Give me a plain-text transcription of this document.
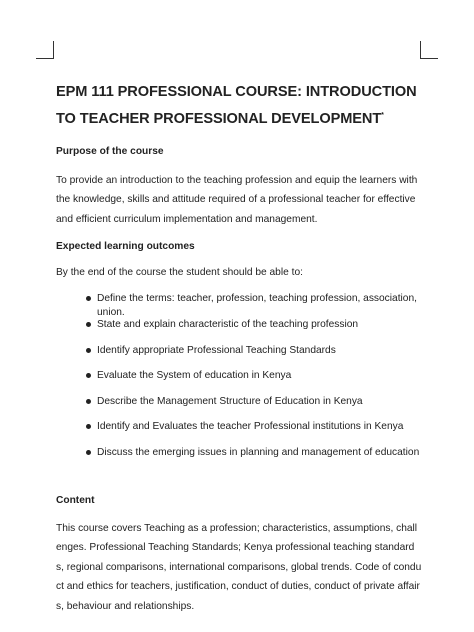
EPM 111 PROFESSIONAL COURSE: INTRODUCTION TO TEACHER PROFESSIONAL DEVELOPMENT*
Purpose of the course
To provide an introduction to the teaching profession and equip the learners with the knowledge, skills and attitude required of a professional teacher for effective and efficient curriculum implementation and management.
Expected learning outcomes
By the end of the course the student should be able to:
Define the terms: teacher, profession, teaching profession, association, union.
State and explain characteristic of the teaching profession
Identify appropriate Professional Teaching Standards
Evaluate the System of education in Kenya
Describe the Management Structure of Education in Kenya
Identify and Evaluates the teacher Professional institutions in Kenya
Discuss the emerging issues in planning and management of education
Content
This course covers Teaching as a profession; characteristics, assumptions, challenges. Professional Teaching Standards; Kenya professional teaching standards, regional comparisons, international comparisons, global trends. Code of conduct and ethics for teachers, justification, conduct of duties, conduct of private affairs, behaviour and relationships.
